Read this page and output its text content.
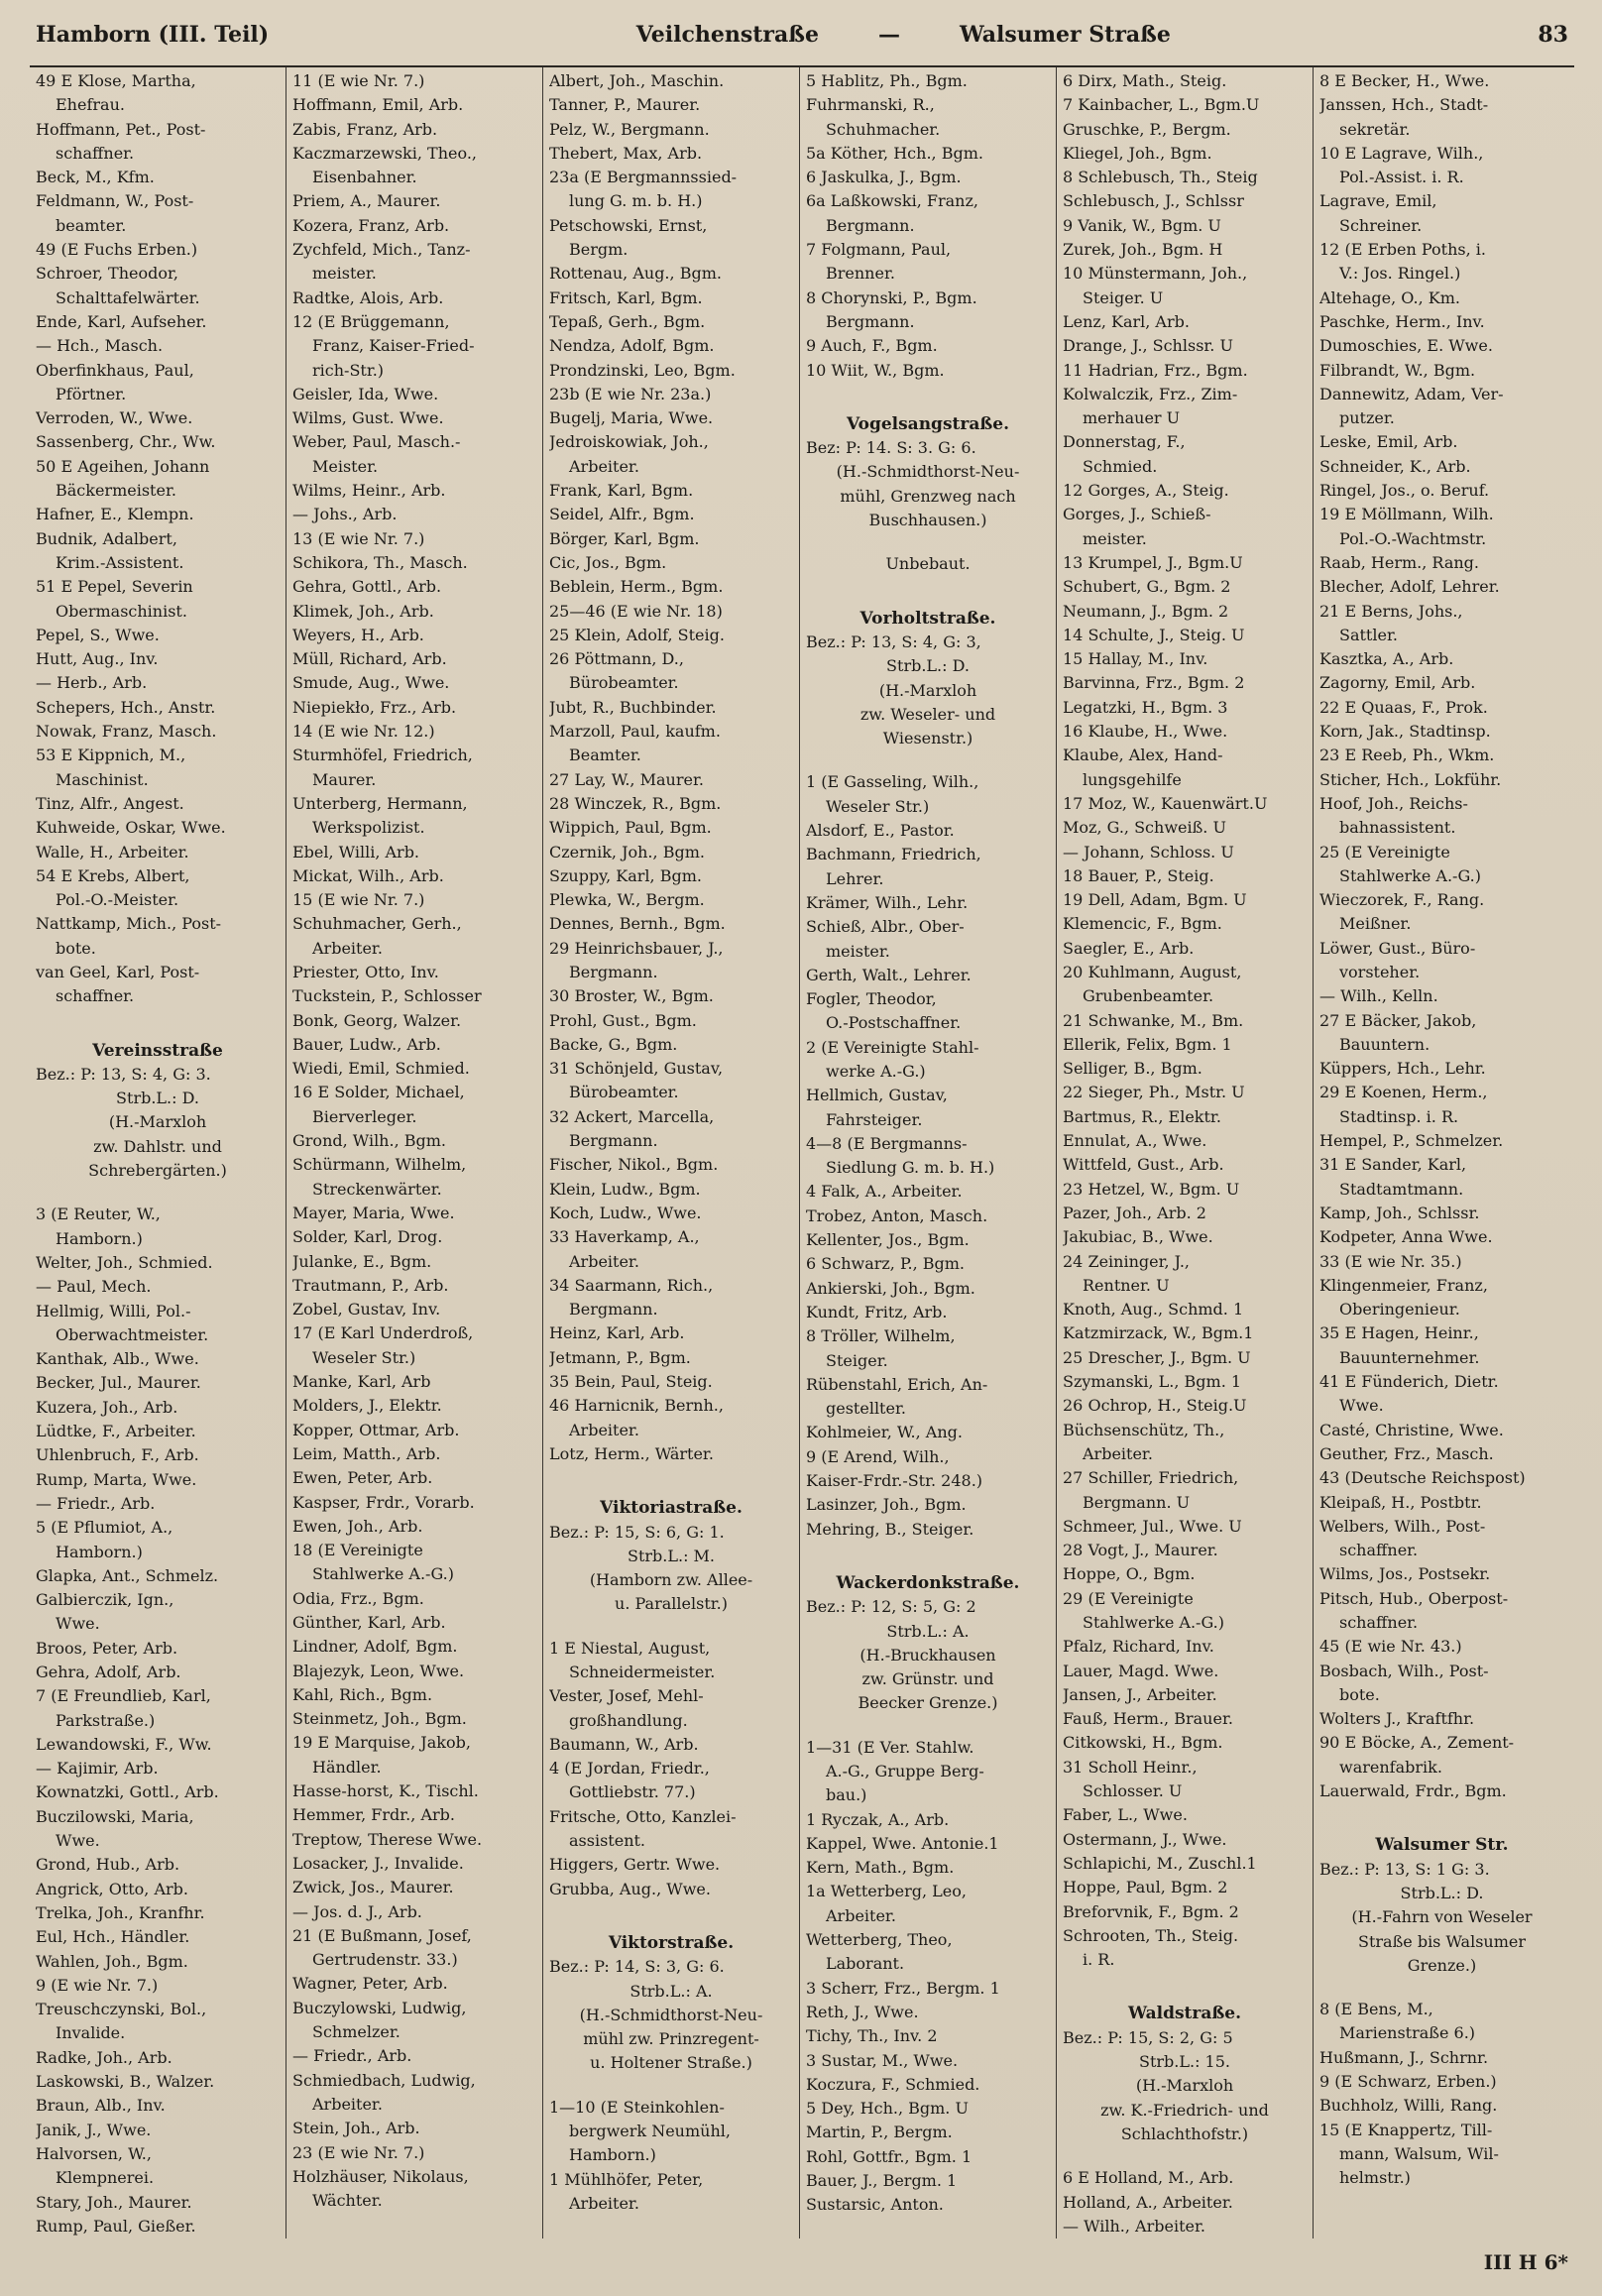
Hamborn (III. Teil)	Veilchenstraße	—	Walsumer Straße	83
49 E Klose, Martha,
Ehefrau.
Hoffmann, Pet., Post-
schaffner.
Beck, M., Kfm.
Feldmann, W., Post-
beamter.
49 (E Fuchs Erben.)
Schroer, Theodor,
Schalttafelwärter.
Ende, Karl, Aufseher.
— Hch., Masch.
Oberfinkhaus, Paul,
Pförtner.
Verroden, W., Wwe.
Sassenberg, Chr., Ww.
50 E Ageihen, Johann
Bäckermeister.
Hafner, E., Klempn.
Budnik, Adalbert,
Krim.-Assistent.
51 E Pepel, Severin
Obermaschinist.
Pepel, S., Wwe.
Hutt, Aug., Inv.
— Herb., Arb.
Schepers, Hch., Anstr.
Nowak, Franz, Masch.
53 E Kippnich, M.,
Maschinist.
Tinz, Alfr., Angest.
Kuhweide, Oskar, Wwe.
Walle, H., Arbeiter.
54 E Krebs, Albert,
Pol.-O.-Meister.
Nattkamp, Mich., Post-
bote.
van Geel, Karl, Post-
schaffner.
Vereinsstraße
Bez.: P: 13, S: 4, G: 3.
Strb.L.: D.
(H.-Marxloh
zw. Dahlstr. und
Schrebergärten.)
3 (E Reuter, W.,
Hamborn.)
Welter, Joh., Schmied.
— Paul, Mech.
Hellmig, Willi, Pol.-
Oberwachtmeister.
Kanthak, Alb., Wwe.
Becker, Jul., Maurer.
Kuzera, Joh., Arb.
Lüdtke, F., Arbeiter.
Uhlenbruch, F., Arb.
Rump, Marta, Wwe.
— Friedr., Arb.
5 (E Pflumiot, A.,
Hamborn.)
Glapka, Ant., Schmelz.
Galbierczik, Ign.,
Wwe.
Broos, Peter, Arb.
Gehra, Adolf, Arb.
7 (E Freundlieb, Karl,
Parkstraße.)
Lewandowski, F., Ww.
— Kajimir, Arb.
Kownatzki, Gottl., Arb.
Buczilowski, Maria,
Wwe.
Grond, Hub., Arb.
Angrick, Otto, Arb.
Trelka, Joh., Kranfhr.
Eul, Hch., Händler.
Wahlen, Joh., Bgm.
9 (E wie Nr. 7.)
Treuschczynski, Bol.,
Invalide.
Radke, Joh., Arb.
Laskowski, B., Walzer.
Braun, Alb., Inv.
Janik, J., Wwe.
Halvorsen, W.,
Klempnerei.
Stary, Joh., Maurer.
Rump, Paul, Gießer.
11 (E wie Nr. 7.)
Hoffmann, Emil, Arb.
Zabis, Franz, Arb.
Kaczmarzewski, Theo.,
Eisenbahner.
Priem, A., Maurer.
Kozera, Franz, Arb.
Zychfeld, Mich., Tanz-
meister.
Radtke, Alois, Arb.
12 (E Brüggemann,
Franz, Kaiser-Fried-
rich-Str.)
Geisler, Ida, Wwe.
Wilms, Gust. Wwe.
Weber, Paul, Masch.-
Meister.
Wilms, Heinr., Arb.
— Johs., Arb.
13 (E wie Nr. 7.)
Schikora, Th., Masch.
Gehra, Gottl., Arb.
Klimek, Joh., Arb.
Weyers, H., Arb.
Müll, Richard, Arb.
Smude, Aug., Wwe.
Niepiekło, Frz., Arb.
14 (E wie Nr. 12.)
Sturmhöfel, Friedrich,
Maurer.
Unterberg, Hermann,
Werkspolizist.
Ebel, Willi, Arb.
Mickat, Wilh., Arb.
15 (E wie Nr. 7.)
Schuhmacher, Gerh.,
Arbeiter.
Priester, Otto, Inv.
Tuckstein, P., Schlosser
Bonk, Georg, Walzer.
Bauer, Ludw., Arb.
Wiedi, Emil, Schmied.
16 E Solder, Michael,
Bierverleger.
Grond, Wilh., Bgm.
Schürmann, Wilhelm,
Streckenwärter.
Mayer, Maria, Wwe.
Solder, Karl, Drog.
Julanke, E., Bgm.
Trautmann, P., Arb.
Zobel, Gustav, Inv.
17 (E Karl Underdroß,
Weseler Str.)
Manke, Karl, Arb
Molders, J., Elektr.
Kopper, Ottmar, Arb.
Leim, Matth., Arb.
Ewen, Peter, Arb.
Kaspser, Frdr., Vorarb.
Ewen, Joh., Arb.
18 (E Vereinigte
Stahlwerke A.-G.)
Odia, Frz., Bgm.
Günther, Karl, Arb.
Lindner, Adolf, Bgm.
Blajezyk, Leon, Wwe.
Kahl, Rich., Bgm.
Steinmetz, Joh., Bgm.
19 E Marquise, Jakob,
Händler.
Hasse-horst, K., Tischl.
Hemmer, Frdr., Arb.
Treptow, Therese Wwe.
Losacker, J., Invalide.
Zwick, Jos., Maurer.
— Jos. d. J., Arb.
21 (E Bußmann, Josef,
Gertrudenstr. 33.)
Wagner, Peter, Arb.
Buczylowski, Ludwig,
Schmelzer.
— Friedr., Arb.
Schmiedbach, Ludwig,
Arbeiter.
Stein, Joh., Arb.
23 (E wie Nr. 7.)
Holzhäuser, Nikolaus,
Wächter.
Albert, Joh., Maschin.
Tanner, P., Maurer.
Pelz, W., Bergmann.
Thebert, Max, Arb.
23a (E Bergmannssied-
lung G. m. b. H.)
Petschowski, Ernst,
Bergm.
Rottenau, Aug., Bgm.
Fritsch, Karl, Bgm.
Tepaß, Gerh., Bgm.
Nendza, Adolf, Bgm.
Prondzinski, Leo, Bgm.
23b (E wie Nr. 23a.)
Bugelj, Maria, Wwe.
Jedroiskowiak, Joh.,
Arbeiter.
Frank, Karl, Bgm.
Seidel, Alfr., Bgm.
Börger, Karl, Bgm.
Cic, Jos., Bgm.
Beblein, Herm., Bgm.
25—46 (E wie Nr. 18)
25 Klein, Adolf, Steig.
26 Pöttmann, D.,
Bürobeamter.
Jubt, R., Buchbinder.
Marzoll, Paul, kaufm.
Beamter.
27 Lay, W., Maurer.
28 Winczek, R., Bgm.
Wippich, Paul, Bgm.
Czernik, Joh., Bgm.
Szuppy, Karl, Bgm.
Plewka, W., Bergm.
Dennes, Bernh., Bgm.
29 Heinrichsbauer, J.,
Bergmann.
30 Broster, W., Bgm.
Prohl, Gust., Bgm.
Backe, G., Bgm.
31 Schönjeld, Gustav,
Bürobeamter.
32 Ackert, Marcella,
Bergmann.
Fischer, Nikol., Bgm.
Klein, Ludw., Bgm.
Koch, Ludw., Wwe.
33 Haverkamp, A.,
Arbeiter.
34 Saarmann, Rich.,
Bergmann.
Heinz, Karl, Arb.
Jetmann, P., Bgm.
35 Bein, Paul, Steig.
46 Harnicnik, Bernh.,
Arbeiter.
Lotz, Herm., Wärter.
Viktoriastraße.
Bez.: P: 15, S: 6, G: 1.
Strb.L.: M.
(Hamborn zw. Allee-
u. Parallelstr.)
1 E Niestal, August,
Schneidermeister.
Vester, Josef, Mehl-
großhandlung.
Baumann, W., Arb.
4 (E Jordan, Friedr.,
Gottliebstr. 77.)
Fritsche, Otto, Kanzlei-
assistent.
Higgers, Gertr. Wwe.
Grubba, Aug., Wwe.
Viktorstraße.
Bez.: P: 14, S: 3, G: 6.
Strb.L.: A.
(H.-Schmidthorst-Neu-
mühl zw. Prinzregent-
u. Holtener Straße.)
1—10 (E Steinkohlen-
bergwerk Neumühl,
Hamborn.)
1 Mühlhöfer, Peter,
Arbeiter.
5 Hablitz, Ph., Bgm.
Fuhrmanski, R.,
Schuhmacher.
5a Köther, Hch., Bgm.
6 Jaskulka, J., Bgm.
6a Laßkowski, Franz,
Bergmann.
7 Folgmann, Paul,
Brenner.
8 Chorynski, P., Bgm.
Bergmann.
9 Auch, F., Bgm.
10 Wiit, W., Bgm.
Vogelsangstraße.
Bez: P: 14. S: 3. G: 6.
(H.-Schmidthorst-Neu-
mühl, Grenzweg nach
Buschhausen.)
Unbebaut.
Vorholtstraße.
Bez.: P: 13, S: 4, G: 3,
Strb.L.: D.
(H.-Marxloh
zw. Weseler- und
Wiesenstr.)
1 (E Gasseling, Wilh.,
Weseler Str.)
Alsdorf, E., Pastor.
Bachmann, Friedrich,
Lehrer.
Krämer, Wilh., Lehr.
Schieß, Albr., Ober-
meister.
Gerth, Walt., Lehrer.
Fogler, Theodor,
O.-Postschaffner.
2 (E Vereinigte Stahl-
werke A.-G.)
Hellmich, Gustav,
Fahrsteiger.
4—8 (E Bergmanns-
Siedlung G. m. b. H.)
4 Falk, A., Arbeiter.
Trobez, Anton, Masch.
Kellenter, Jos., Bgm.
6 Schwarz, P., Bgm.
Ankierski, Joh., Bgm.
Kundt, Fritz, Arb.
8 Tröller, Wilhelm,
Steiger.
Rübenstahl, Erich, An-
gestellter.
Kohlmeier, W., Ang.
9 (E Arend, Wilh.,
Kaiser-Frdr.-Str. 248.)
Lasinzer, Joh., Bgm.
Mehring, B., Steiger.
Wackerdonkstraße.
Bez.: P: 12, S: 5, G: 2
Strb.L.: A.
(H.-Bruckhausen
zw. Grünstr. und
Beecker Grenze.)
1—31 (E Ver. Stahlw.
A.-G., Gruppe Berg-
bau.)
1 Ryczak, A., Arb.
Kappel, Wwe. Antonie.1
Kern, Math., Bgm.
1a Wetterberg, Leo,
Arbeiter.
Wetterberg, Theo,
Laborant.
3 Scherr, Frz., Bergm. 1
Reth, J., Wwe.
Tichy, Th., Inv. 2
3 Sustar, M., Wwe.
Koczura, F., Schmied.
5 Dey, Hch., Bgm. U
Martin, P., Bergm.
Rohl, Gottfr., Bgm. 1
Bauer, J., Bergm. 1
Sustarsic, Anton.
6 Dirx, Math., Steig.
7 Kainbacher, L., Bgm.U
Gruschke, P., Bergm.
Kliegel, Joh., Bgm.
8 Schlebusch, Th., Steig
Schlebusch, J., Schlssr
9 Vanik, W., Bgm. U
Zurek, Joh., Bgm. H
10 Münstermann, Joh.,
Steiger. U
Lenz, Karl, Arb.
Drange, J., Schlssr. U
11 Hadrian, Frz., Bgm.
Kolwalczik, Frz., Zim-
merhauer U
Donnerstag, F.,
Schmied.
12 Gorges, A., Steig.
Gorges, J., Schieß-
meister.
13 Krumpel, J., Bgm.U
Schubert, G., Bgm. 2
Neumann, J., Bgm. 2
14 Schulte, J., Steig. U
15 Hallay, M., Inv.
Barvinna, Frz., Bgm. 2
Legatzki, H., Bgm. 3
16 Klaube, H., Wwe.
Klaube, Alex, Hand-
lungsgehilfe
17 Moz, W., Kauenwärt.U
Moz, G., Schweiß. U
— Johann, Schloss. U
18 Bauer, P., Steig.
19 Dell, Adam, Bgm. U
Klemencic, F., Bgm.
Saegler, E., Arb.
20 Kuhlmann, August,
Grubenbeamter.
21 Schwanke, M., Bm.
Ellerik, Felix, Bgm. 1
Selliger, B., Bgm.
22 Sieger, Ph., Mstr. U
Bartmus, R., Elektr.
Ennulat, A., Wwe.
Wittfeld, Gust., Arb.
23 Hetzel, W., Bgm. U
Pazer, Joh., Arb. 2
Jakubiac, B., Wwe.
24 Zeininger, J.,
Rentner. U
Knoth, Aug., Schmd. 1
Katzmirzack, W., Bgm.1
25 Drescher, J., Bgm. U
Szymanski, L., Bgm. 1
26 Ochrop, H., Steig.U
Büchsenschütz, Th.,
Arbeiter.
27 Schiller, Friedrich,
Bergmann. U
Schmeer, Jul., Wwe. U
28 Vogt, J., Maurer.
Hoppe, O., Bgm.
29 (E Vereinigte
Stahlwerke A.-G.)
Pfalz, Richard, Inv.
Lauer, Magd. Wwe.
Jansen, J., Arbeiter.
Fauß, Herm., Brauer.
Citkowski, H., Bgm.
31 Scholl Heinr.,
Schlosser. U
Faber, L., Wwe.
Ostermann, J., Wwe.
Schlapichi, M., Zuschl.1
Hoppe, Paul, Bgm. 2
Breforvnik, F., Bgm. 2
Schrooten, Th., Steig.
i. R.
Waldstraße.
Bez.: P: 15, S: 2, G: 5
Strb.L.: 15.
(H.-Marxloh
zw. K.-Friedrich- und
Schlachthofstr.)
6 E Holland, M., Arb.
Holland, A., Arbeiter.
— Wilh., Arbeiter.
8 E Becker, H., Wwe.
Janssen, Hch., Stadt-
sekretär.
10 E Lagrave, Wilh.,
Pol.-Assist. i. R.
Lagrave, Emil,
Schreiner.
12 (E Erben Poths, i.
V.: Jos. Ringel.)
Altehage, O., Km.
Paschke, Herm., Inv.
Dumoschies, E. Wwe.
Filbrandt, W., Bgm.
Dannewitz, Adam, Ver-
putzer.
Leske, Emil, Arb.
Schneider, K., Arb.
Ringel, Jos., o. Beruf.
19 E Möllmann, Wilh.
Pol.-O.-Wachtmstr.
Raab, Herm., Rang.
Blecher, Adolf, Lehrer.
21 E Berns, Johs.,
Sattler.
Kasztka, A., Arb.
Zagorny, Emil, Arb.
22 E Quaas, F., Prok.
Korn, Jak., Stadtinsp.
23 E Reeb, Ph., Wkm.
Sticher, Hch., Lokführ.
Hoof, Joh., Reichs-
bahnassistent.
25 (E Vereinigte
Stahlwerke A.-G.)
Wieczorek, F., Rang.
Meißner.
Löwer, Gust., Büro-
vorsteher.
— Wilh., Kelln.
27 E Bäcker, Jakob,
Bauuntern.
Küppers, Hch., Lehr.
29 E Koenen, Herm.,
Stadtinsp. i. R.
Hempel, P., Schmelzer.
31 E Sander, Karl,
Stadtamtmann.
Kamp, Joh., Schlssr.
Kodpeter, Anna Wwe.
33 (E wie Nr. 35.)
Klingenmeier, Franz,
Oberingenieur.
35 E Hagen, Heinr.,
Bauunternehmer.
41 E Fünderich, Dietr.
Wwe.
Casté, Christine, Wwe.
Geuther, Frz., Masch.
43 (Deutsche Reichspost)
Kleipaß, H., Postbtr.
Welbers, Wilh., Post-
schaffner.
Wilms, Jos., Postsekr.
Pitsch, Hub., Oberpost-
schaffner.
45 (E wie Nr. 43.)
Bosbach, Wilh., Post-
bote.
Wolters J., Kraftfhr.
90 E Böcke, A., Zement-
warenfabrik.
Lauerwald, Frdr., Bgm.
Walsumer Str.
Bez.: P: 13, S: 1 G: 3.
Strb.L.: D.
(H.-Fahrn von Weseler
Straße bis Walsumer
Grenze.)
8 (E Bens, M.,
Marienstraße 6.)
Hußmann, J., Schrnr.
9 (E Schwarz, Erben.)
Buchholz, Willi, Rang.
15 (E Knappertz, Till-
mann, Walsum, Wil-
helmstr.)
III H 6*
